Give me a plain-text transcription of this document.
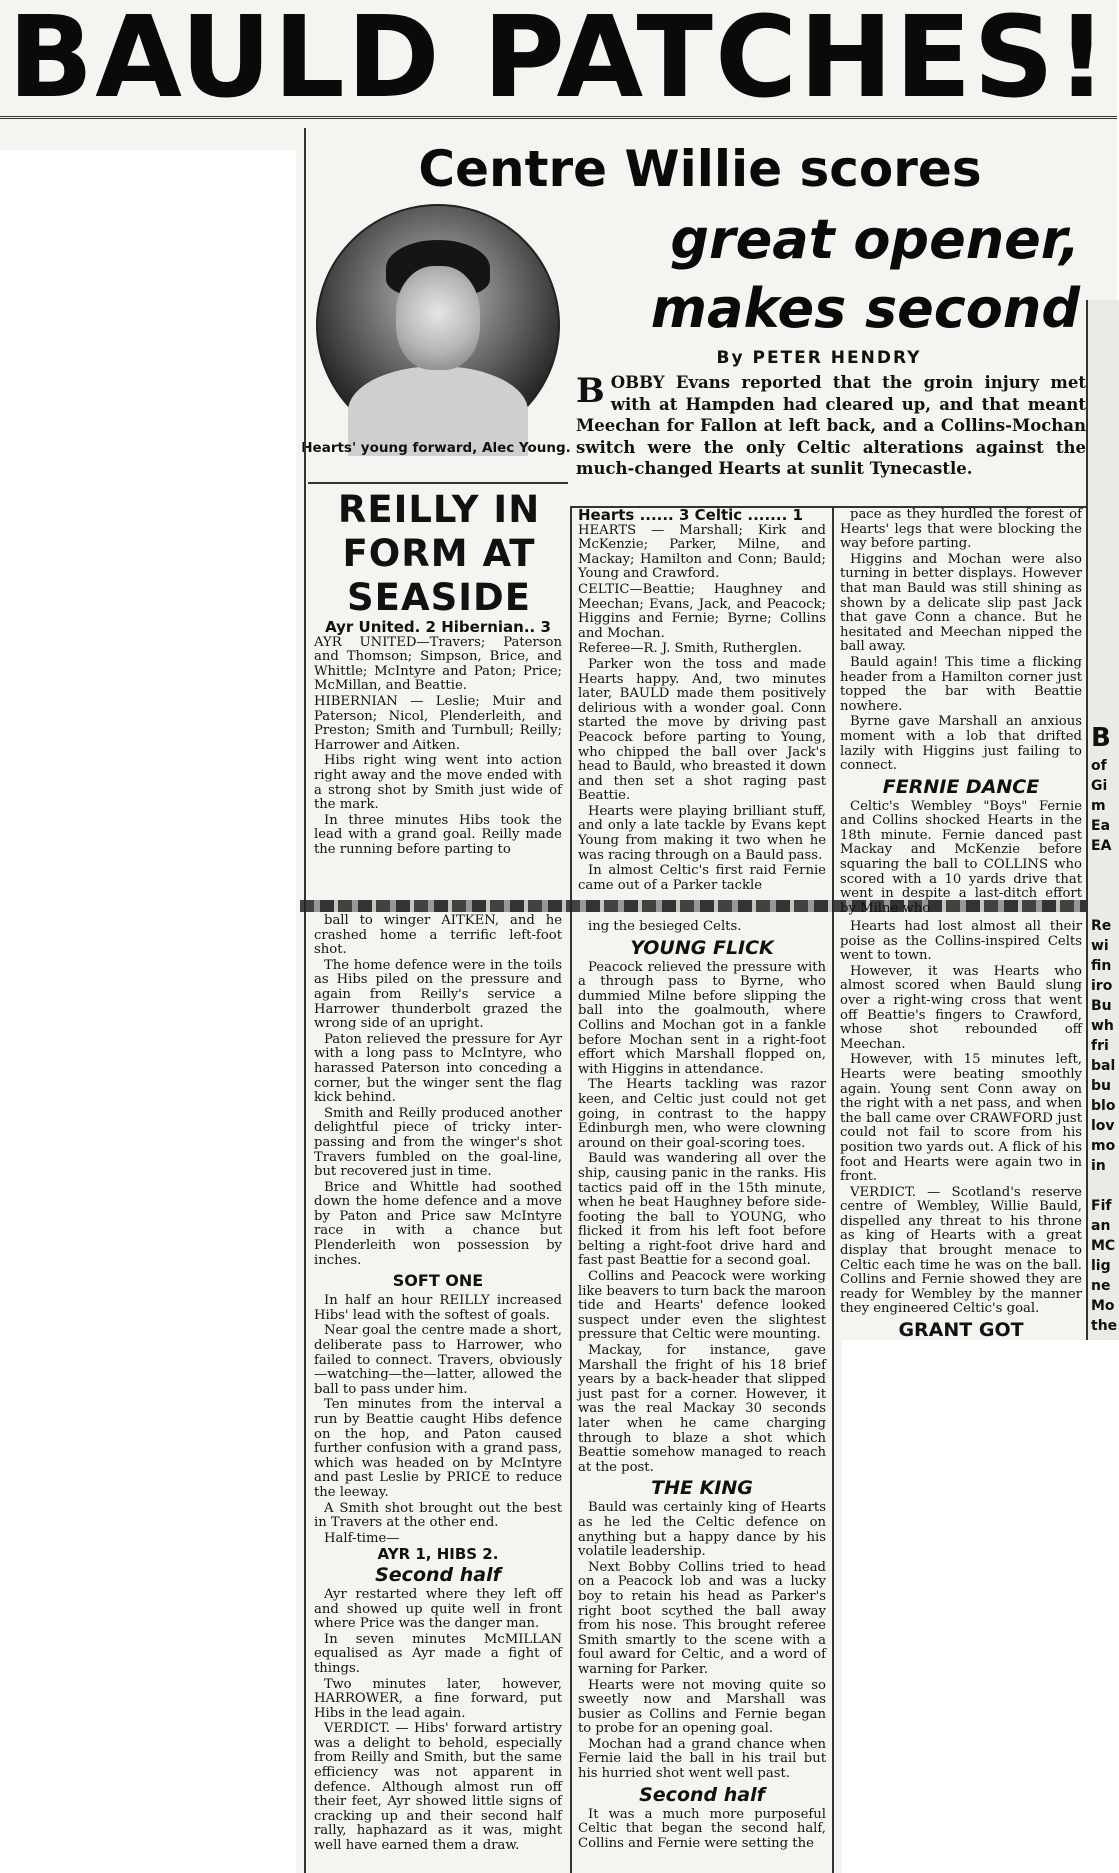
BAULD PATCHES!
Centre Willie scores
great opener,
makes second
Hearts' young forward, Alec Young.
REILLY IN FORM AT SEASIDE
By PETER HENDRY
BOBBY Evans reported that the groin injury met with at Hampden had cleared up, and that meant Meechan for Fallon at left back, and a Collins-Mochan switch were the only Celtic alterations against the much-changed Hearts at sunlit Tynecastle.

Ayr United. 2 Hibernian.. 3

AYR UNITED—Travers; Paterson and Thomson; Simpson, Brice, and Whittle; McIntyre and Paton; Price; McMillan, and Beattie.

HIBERNIAN — Leslie; Muir and Paterson; Nicol, Plenderleith, and Preston; Smith and Turnbull; Reilly; Harrower and Aitken.

Hibs right wing went into action right away and the move ended with a strong shot by Smith just wide of the mark.

In three minutes Hibs took the lead with a grand goal. Reilly made the running before parting to

ball to winger AITKEN, and he crashed home a terrific left-foot shot.

The home defence were in the toils as Hibs piled on the pressure and again from Reilly's service a Harrower thunderbolt grazed the wrong side of an upright.

Paton relieved the pressure for Ayr with a long pass to McIntyre, who harassed Paterson into conceding a corner, but the winger sent the flag kick behind.

Smith and Reilly produced another delightful piece of tricky inter-passing and from the winger's shot Travers fumbled on the goal-line, but recovered just in time.

Brice and Whittle had soothed down the home defence and a move by Paton and Price saw McIntyre race in with a chance but Plenderleith won possession by inches.

SOFT ONE

In half an hour REILLY increased Hibs' lead with the softest of goals.

Near goal the centre made a short, deliberate pass to Harrower, who failed to connect. Travers, obviously—watching—the—latter, allowed the ball to pass under him.

Ten minutes from the interval a run by Beattie caught Hibs defence on the hop, and Paton caused further confusion with a grand pass, which was headed on by McIntyre and past Leslie by PRICE to reduce the leeway.

A Smith shot brought out the best in Travers at the other end.

Half-time—

AYR 1, HIBS 2.

Second half

Ayr restarted where they left off and showed up quite well in front where Price was the danger man.

In seven minutes McMILLAN equalised as Ayr made a fight of things.

Two minutes later, however, HARROWER, a fine forward, put Hibs in the lead again.

VERDICT. — Hibs' forward artistry was a delight to behold, especially from Reilly and Smith, but the same efficiency was not apparent in defence. Although almost run off their feet, Ayr showed little signs of cracking up and their second half rally, haphazard as it was, might well have earned them a draw.

Hearts ...... 3 Celtic ....... 1

HEARTS — Marshall; Kirk and McKenzie; Parker, Milne, and Mackay; Hamilton and Conn; Bauld; Young and Crawford.

CELTIC—Beattie; Haughney and Meechan; Evans, Jack, and Peacock; Higgins and Fernie; Byrne; Collins and Mochan.

Referee—R. J. Smith, Rutherglen.

Parker won the toss and made Hearts happy. And, two minutes later, BAULD made them positively delirious with a wonder goal. Conn started the move by driving past Peacock before parting to Young, who chipped the ball over Jack's head to Bauld, who breasted it down and then set a shot raging past Beattie.

Hearts were playing brilliant stuff, and only a late tackle by Evans kept Young from making it two when he was racing through on a Bauld pass.

In almost Celtic's first raid Fernie came out of a Parker tackle

ing the besieged Celts.

YOUNG FLICK

Peacock relieved the pressure with a through pass to Byrne, who dummied Milne before slipping the ball into the goalmouth, where Collins and Mochan got in a fankle before Mochan sent in a right-foot effort which Marshall flopped on, with Higgins in attendance.

The Hearts tackling was razor keen, and Celtic just could not get going, in contrast to the happy Edinburgh men, who were clowning around on their goal-scoring toes.

Bauld was wandering all over the ship, causing panic in the ranks. His tactics paid off in the 15th minute, when he beat Haughney before side-footing the ball to YOUNG, who flicked it from his left foot before belting a right-foot drive hard and fast past Beattie for a second goal.

Collins and Peacock were working like beavers to turn back the maroon tide and Hearts' defence looked suspect under even the slightest pressure that Celtic were mounting.

Mackay, for instance, gave Marshall the fright of his 18 brief years by a back-header that slipped just past for a corner. However, it was the real Mackay 30 seconds later when he came charging through to blaze a shot which Beattie somehow managed to reach at the post.

THE KING

Bauld was certainly king of Hearts as he led the Celtic defence on anything but a happy dance by his volatile leadership.

Next Bobby Collins tried to head on a Peacock lob and was a lucky boy to retain his head as Parker's right boot scythed the ball away from his nose. This brought referee Smith smartly to the scene with a foul award for Celtic, and a word of warning for Parker.

Hearts were not moving quite so sweetly now and Marshall was busier as Collins and Fernie began to probe for an opening goal.

Mochan had a grand chance when Fernie laid the ball in his trail but his hurried shot went well past.

Second half

It was a much more purposeful Celtic that began the second half, Collins and Fernie were setting the

pace as they hurdled the forest of Hearts' legs that were blocking the way before parting.

Higgins and Mochan were also turning in better displays. However that man Bauld was still shining as shown by a delicate slip past Jack that gave Conn a chance. But he hesitated and Meechan nipped the ball away.

Bauld again! This time a flicking header from a Hamilton corner just topped the bar with Beattie nowhere.

Byrne gave Marshall an anxious moment with a lob that drifted lazily with Higgins just failing to connect.

FERNIE DANCE

Celtic's Wembley "Boys" Fernie and Collins shocked Hearts in the 18th minute. Fernie danced past Mackay and McKenzie before squaring the ball to COLLINS who scored with a 10 yards drive that went in despite a last-ditch effort by Milne who

Hearts had lost almost all their poise as the Collins-inspired Celts went to town.

However, it was Hearts who almost scored when Bauld slung over a right-wing cross that went off Beattie's fingers to Crawford, whose shot rebounded off Meechan.

However, with 15 minutes left, Hearts were beating smoothly again. Young sent Conn away on the right with a net pass, and when the ball came over CRAWFORD just could not fail to score from his position two yards out. A flick of his foot and Hearts were again two in front.

VERDICT. — Scotland's reserve centre of Wembley, Willie Bauld, dispelled any threat to his throne as king of Hearts with a great display that brought menace to Celtic each time he was on the ball. Collins and Fernie showed they are ready for Wembley by the manner they engineered Celtic's goal.

GRANT GOT

B
of
Gi
m
Ea
EA
Re
wi
fin
iro
Bu
wh
fri
bal
bu
blo
lov
mo
in
Fif
an
MC
lig
ne
Mo
the
